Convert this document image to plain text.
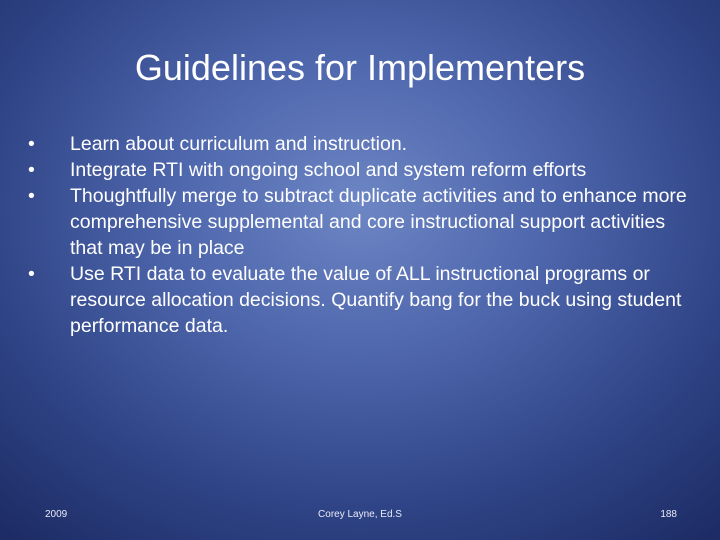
Guidelines for Implementers
•	Learn about curriculum and instruction.
•	Integrate RTI with ongoing school and system reform efforts
•	Thoughtfully merge to subtract duplicate activities and to enhance more comprehensive supplemental and core instructional support activities that may be in place
•	Use RTI data to evaluate the value of ALL instructional programs or resource allocation decisions. Quantify bang for the buck using student performance data.
2009	Corey Layne, Ed.S	188
